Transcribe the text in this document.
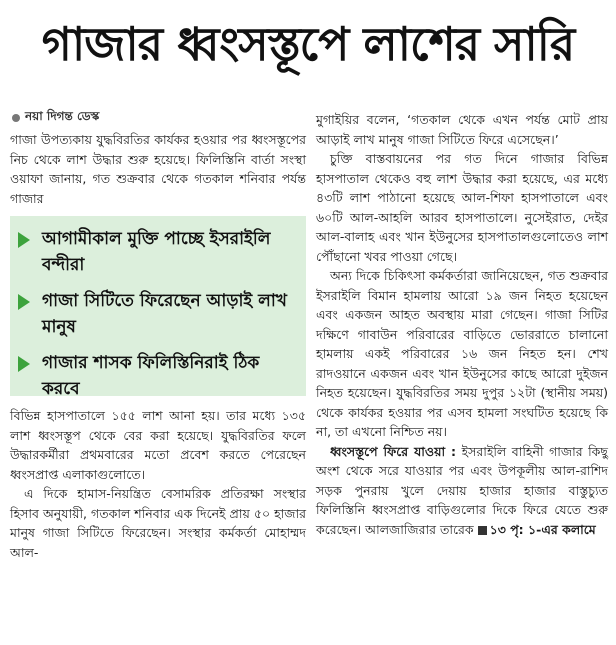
গাজার ধ্বংসস্তূপে লাশের সারি
নয়া দিগন্ত ডেস্ক

গাজা উপত্যকায় যুদ্ধবিরতির কার্যকর হওয়ার পর ধ্বংসস্তূপের নিচ থেকে লাশ উদ্ধার শুরু হয়েছে। ফিলিস্তিনি বার্তা সংস্থা ওয়াফা জানায়, গত শুক্রবার থেকে গতকাল শনিবার পর্যন্ত গাজার

আগামীকাল মুক্তি পাচ্ছে ইসরাইলি বন্দীরা
গাজা সিটিতে ফিরেছেন আড়াই লাখ মানুষ
গাজার শাসক ফিলিস্তিনিরাই ঠিক করবে

বিভিন্ন হাসপাতালে ১৫৫ লাশ আনা হয়। তার মধ্যে ১৩৫ লাশ ধ্বংসস্তূপ থেকে বের করা হয়েছে। যুদ্ধবিরতির ফলে উদ্ধারকর্মীরা প্রথমবারের মতো প্রবেশ করতে পেরেছেন ধ্বংসপ্রাপ্ত এলাকাগুলোতে।

এ দিকে হামাস-নিয়ন্ত্রিত বেসামরিক প্রতিরক্ষা সংস্থার হিসাব অনুযায়ী, গতকাল শনিবার এক দিনেই প্রায় ৫০ হাজার মানুষ গাজা সিটিতে ফিরেছেন। সংস্থার কর্মকর্তা মোহাম্মদ আল-

মুগাইয়ির বলেন, ‘গতকাল থেকে এখন পর্যন্ত মোট প্রায় আড়াই লাখ মানুষ গাজা সিটিতে ফিরে এসেছেন।’

চুক্তি বাস্তবায়নের পর গত দিনে গাজার বিভিন্ন হাসপাতাল থেকেও বহু লাশ উদ্ধার করা হয়েছে, এর মধ্যে ৪৩টি লাশ পাঠানো হয়েছে আল-শিফা হাসপাতালে এবং ৬০টি আল-আহলি আরব হাসপাতালে। নুসেইরাত, দেইর আল-বালাহ এবং খান ইউনুসের হাসপাতালগুলোতেও লাশ পৌঁছানো খবর পাওয়া গেছে।

অন্য দিকে চিকিৎসা কর্মকর্তারা জানিয়েছেন, গত শুক্রবার ইসরাইলি বিমান হামলায় আরো ১৯ জন নিহত হয়েছেন এবং একজন আহত অবস্থায় মারা গেছেন। গাজা সিটির দক্ষিণে গাবাউন পরিবারের বাড়িতে ভোররাতে চালানো হামলায় একই পরিবারের ১৬ জন নিহত হন। শেখ রাদওয়ানে একজন এবং খান ইউনুসের কাছে আরো দুইজন নিহত হয়েছেন। যুদ্ধবিরতির সময় দুপুর ১২টা (স্থানীয় সময়) থেকে কার্যকর হওয়ার পর এসব হামলা সংঘটিত হয়েছে কি না, তা এখনো নিশ্চিত নয়।

ধ্বংসস্তূপে ফিরে যাওয়া : ইসরাইলি বাহিনী গাজার কিছু অংশ থেকে সরে যাওয়ার পর এবং উপকূলীয় আল-রাশিদ সড়ক পুনরায় খুলে দেয়ায় হাজার হাজার বাস্তুচ্যুত ফিলিস্তিনি ধ্বংসপ্রাপ্ত বাড়িগুলোর দিকে ফিরে যেতে শুরু করেছেন। আলজাজিরার তারেক ১৩ পৃ: ১-এর কলামে
